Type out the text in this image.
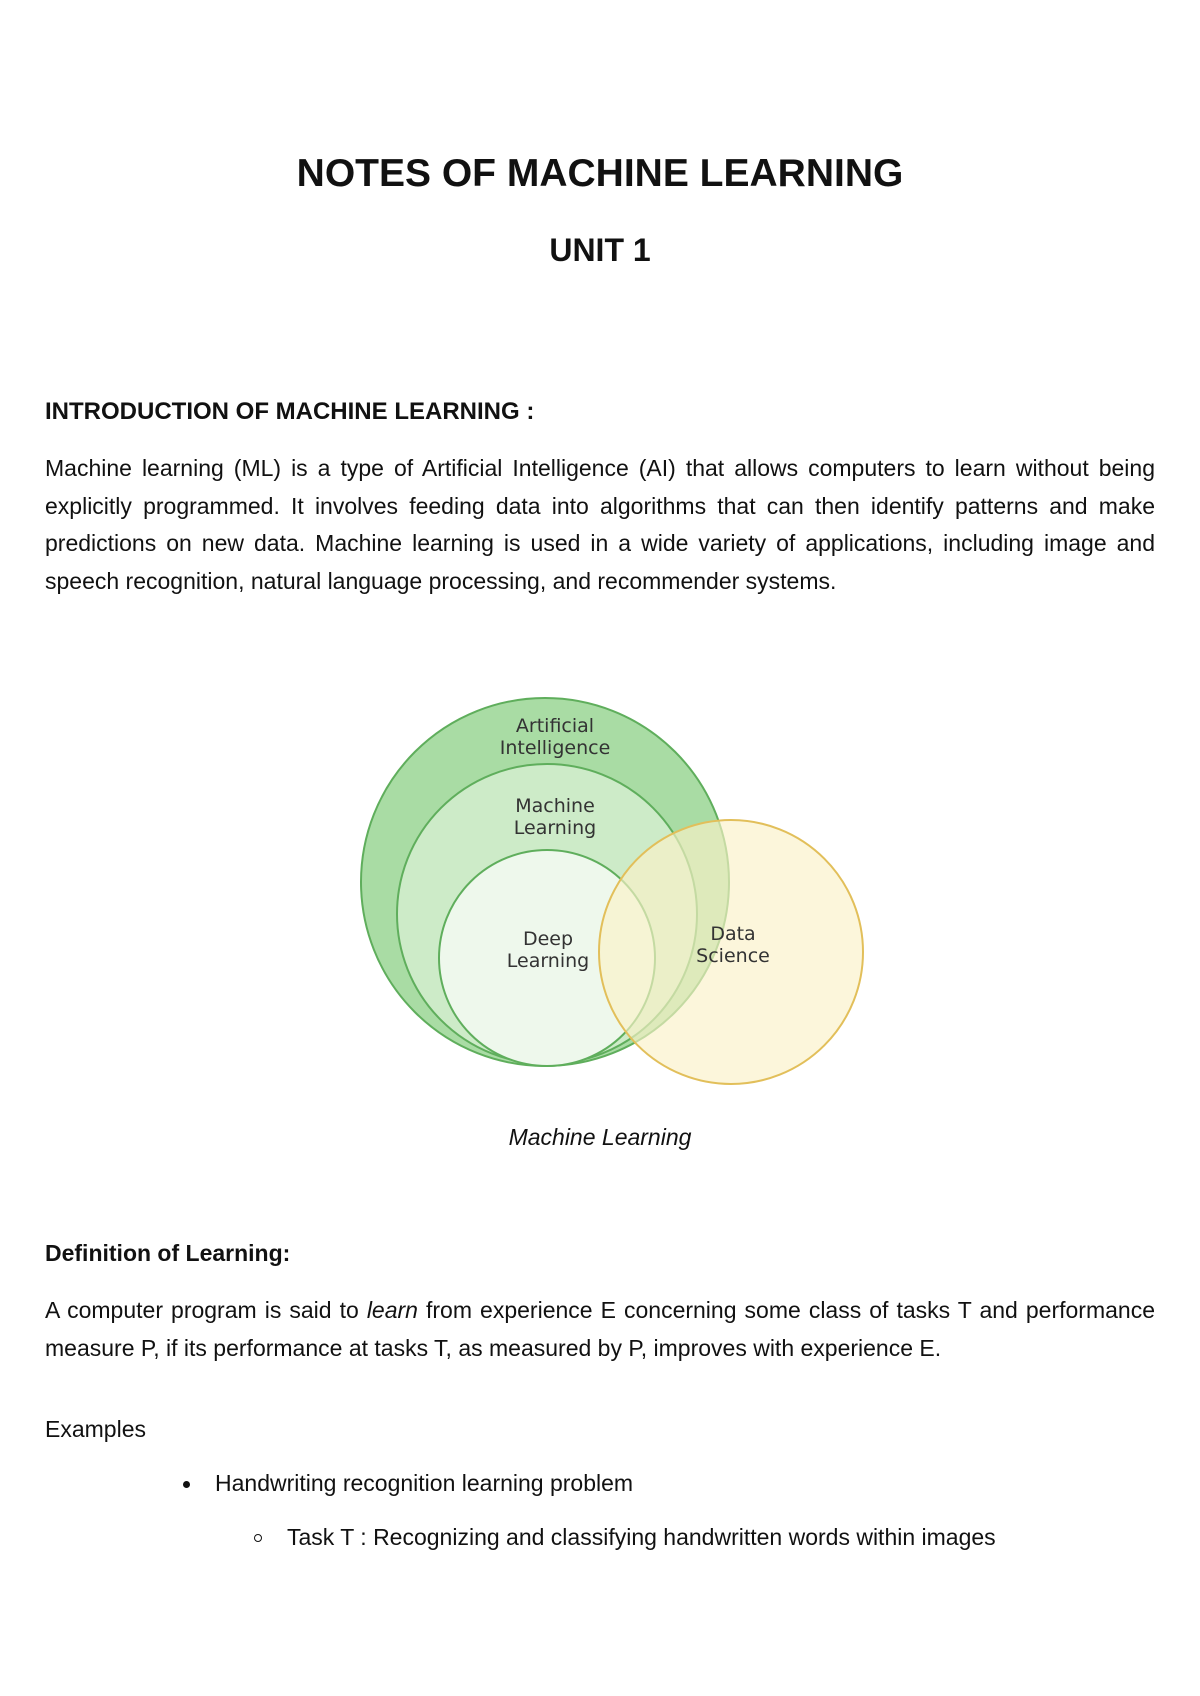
NOTES OF MACHINE LEARNING
UNIT 1
INTRODUCTION OF MACHINE LEARNING :

Machine learning (ML) is a type of Artificial Intelligence (AI) that allows computers to learn without being explicitly programmed. It involves feeding data into algorithms that can then identify patterns and make predictions on new data. Machine learning is used in a wide variety of applications, including image and speech recognition, natural language processing, and recommender systems.

Artificial
Intelligence
Machine
Learning
Deep
Learning
Data
Science
Machine Learning
Definition of Learning:

A computer program is said to learn from experience E concerning some class of tasks T and performance measure P, if its performance at tasks T, as measured by P, improves with experience E.

Examples
Handwriting recognition learning problem
Task T : Recognizing and classifying handwritten words within images
